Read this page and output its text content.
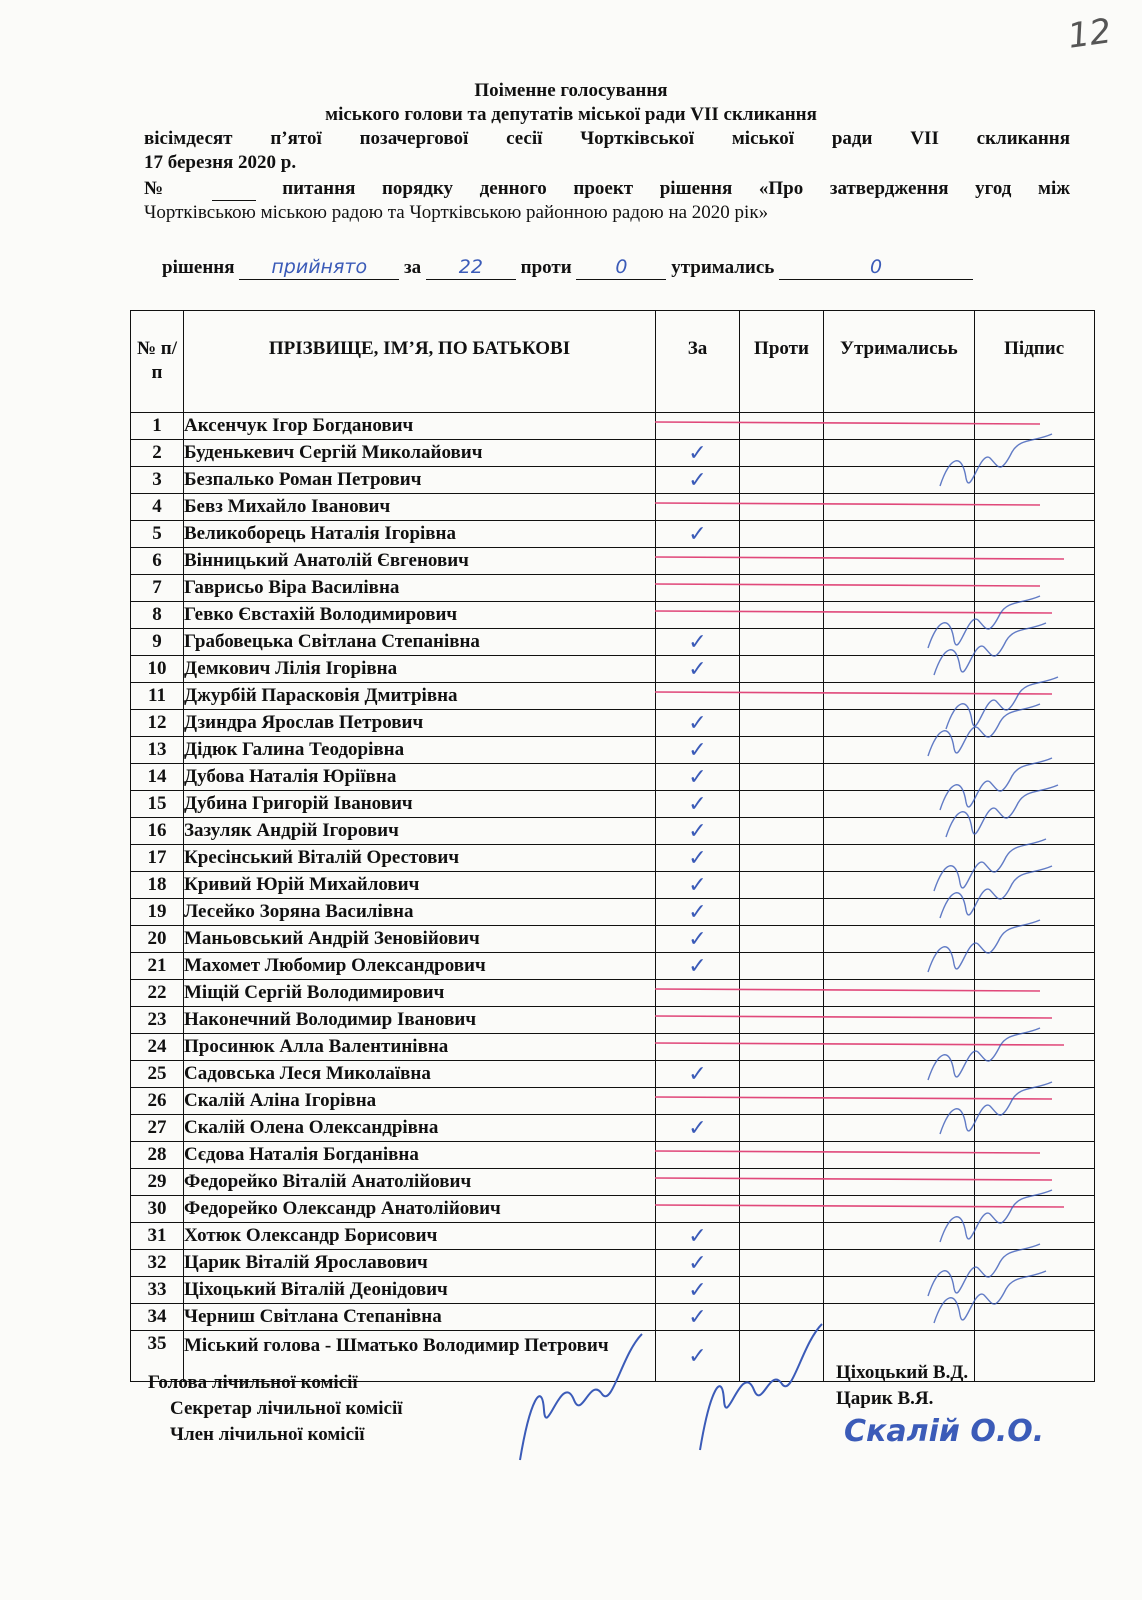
12
Поіменне голосування
міського голови та депутатів міської ради VII скликання
вісімдесят п’ятої позачергової сесії Чортківської міської ради VII скликання
17 березня 2020 р.
№	питання порядку денного проект рішення «Про затвердження угод між
Чортківською міською радою та Чортківською районною радою на 2020 рік»
рішення прийнято за 22 проти 0 утримались	0
№ п/п	ПРІЗВИЩЕ, ІМ’Я, ПО БАТЬКОВІ	За	Проти	Утрималисьь	Підпис
1	Аксенчук Ігор Богданович				
2	Буденькевич Сергій Миколайович	✓			
3	Безпалько Роман Петрович	✓			
4	Бевз Михайло Іванович				
5	Великоборець Наталія Ігорівна	✓			
6	Вінницький Анатолій Євгенович				
7	Гаврисьо Віра Василівна				
8	Гевко Євстахій Володимирович				
9	Грабовецька Світлана Степанівна	✓			
10	Демкович Лілія Ігорівна	✓			
11	Джурбій Парасковія Дмитрівна				
12	Дзиндра Ярослав Петрович	✓			
13	Дідюк Галина Теодорівна	✓			
14	Дубова Наталія Юріївна	✓			
15	Дубина Григорій Іванович	✓			
16	Зазуляк Андрій Ігорович	✓			
17	Кресінський Віталій Орестович	✓			
18	Кривий Юрій Михайлович	✓			
19	Лесейко Зоряна Василівна	✓			
20	Маньовський Андрій Зеновійович	✓			
21	Махомет Любомир Олександрович	✓			
22	Міщій Сергій Володимирович				
23	Наконечний Володимир Іванович				
24	Просинюк Алла Валентинівна				
25	Садовська Леся Миколаївна	✓			
26	Скалій Аліна Ігорівна				
27	Скалій Олена Олександрівна	✓			
28	Сєдова Наталія Богданівна				
29	Федорейко Віталій Анатолійович				
30	Федорейко Олександр Анатолійович				
31	Хотюк Олександр Борисович	✓			
32	Царик Віталій Ярославович	✓			
33	Ціхоцький Віталій Деонідович	✓			
34	Черниш Світлана Степанівна	✓			
35	Міський голова - Шматько Володимир Петрович	✓			
Голова лічильної комісії	Ціхоцький В.Д.
Секретар лічильної комісії	Царик В.Я.
Член лічильної комісії	Скалій О.О.
